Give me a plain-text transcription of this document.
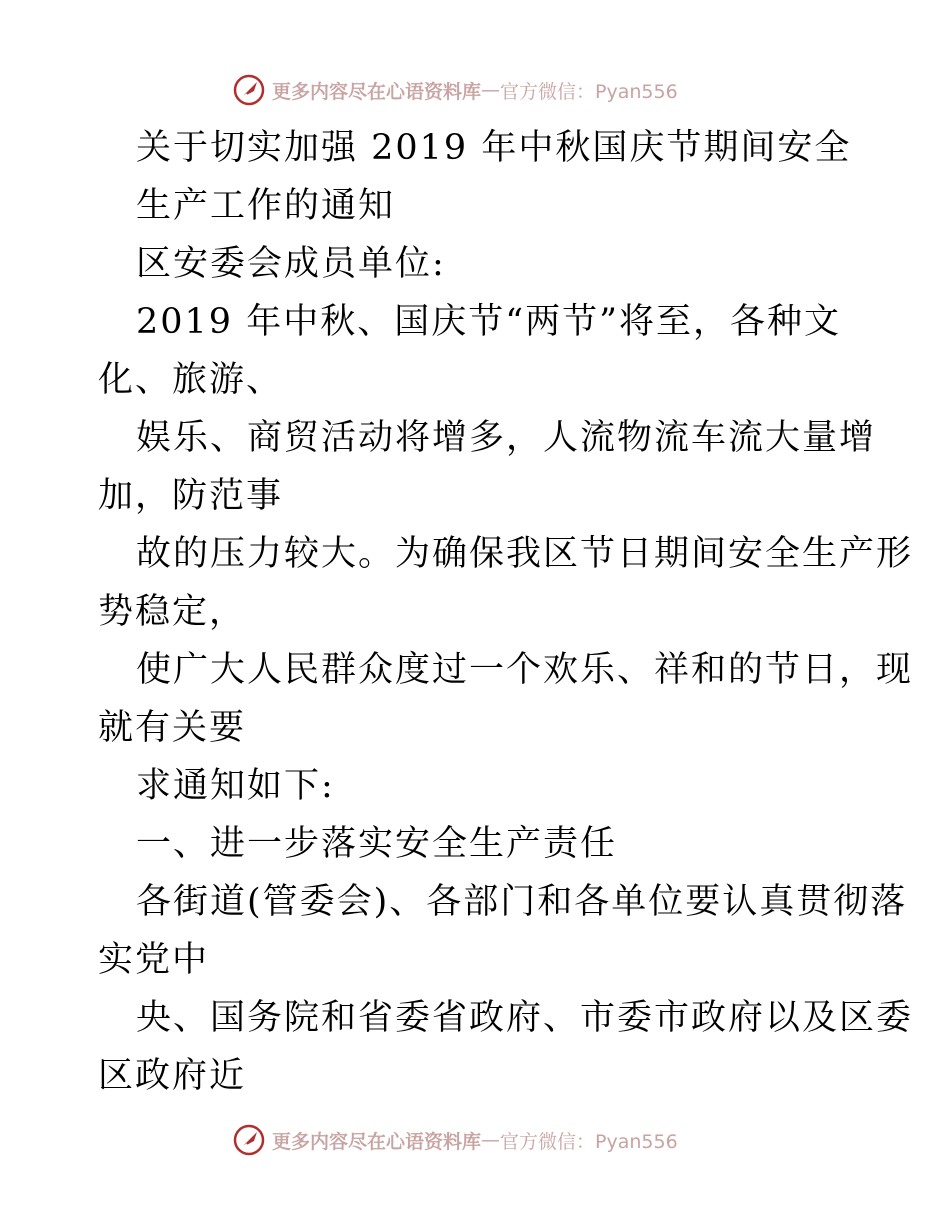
更多内容尽在心语资料库 — 官方微信：Pyan556
关于切实加强 2019 年中秋国庆节期间安全
生产工作的通知
区安委会成员单位:
2019 年中秋、国庆节“两节”将至，各种文
化、旅游、
娱乐、商贸活动将增多，人流物流车流大量增
加，防范事
故的压力较大。为确保我区节日期间安全生产形
势稳定，
使广大人民群众度过一个欢乐、祥和的节日，现
就有关要
求通知如下:
一、进一步落实安全生产责任
各街道(管委会)、各部门和各单位要认真贯彻落
实党中
央、国务院和省委省政府、市委市政府以及区委
区政府近
更多内容尽在心语资料库 — 官方微信：Pyan556
